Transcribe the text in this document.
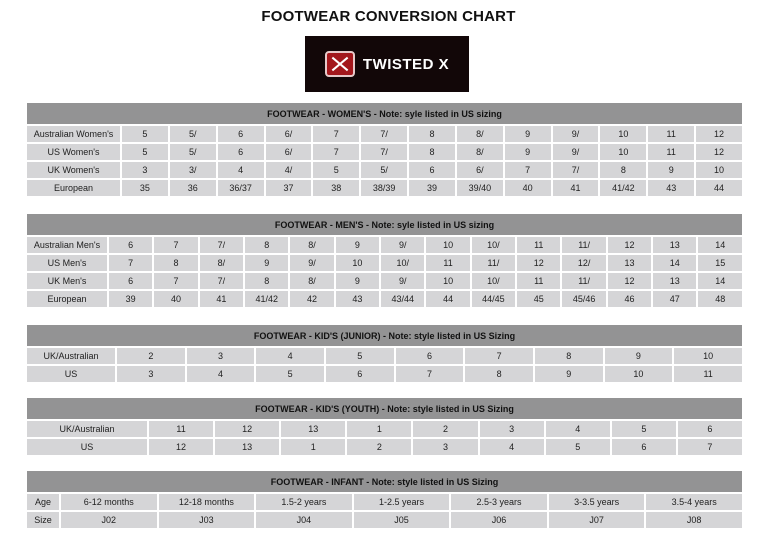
FOOTWEAR CONVERSION CHART
TWISTED X
FOOTWEAR - WOMEN'S - Note: syle listed in US sizing													
Australian Women's	5	5/	6	6/	7	7/	8	8/	9	9/	10	11	12
US Women's	5	5/	6	6/	7	7/	8	8/	9	9/	10	11	12
UK Women's	3	3/	4	4/	5	5/	6	6/	7	7/	8	9	10
European	35	36	36/37	37	38	38/39	39	39/40	40	41	41/42	43	44
FOOTWEAR - MEN'S - Note: syle listed in US sizing														
Australian Men's	6	7	7/	8	8/	9	9/	10	10/	11	11/	12	13	14
US Men's	7	8	8/	9	9/	10	10/	11	11/	12	12/	13	14	15
UK Men's	6	7	7/	8	8/	9	9/	10	10/	11	11/	12	13	14
European	39	40	41	41/42	42	43	43/44	44	44/45	45	45/46	46	47	48
FOOTWEAR - KID'S (JUNIOR) - Note: style listed in US Sizing									
UK/Australian	2	3	4	5	6	7	8	9	10
US	3	4	5	6	7	8	9	10	11
FOOTWEAR - KID'S (YOUTH) - Note: style listed in US Sizing									
UK/Australian	11	12	13	1	2	3	4	5	6
US	12	13	1	2	3	4	5	6	7
FOOTWEAR - INFANT - Note: style listed in US Sizing							
Age	6-12 months	12-18 months	1.5-2 years	1-2.5 years	2.5-3 years	3-3.5 years	3.5-4 years
Size	J02	J03	J04	J05	J06	J07	J08
